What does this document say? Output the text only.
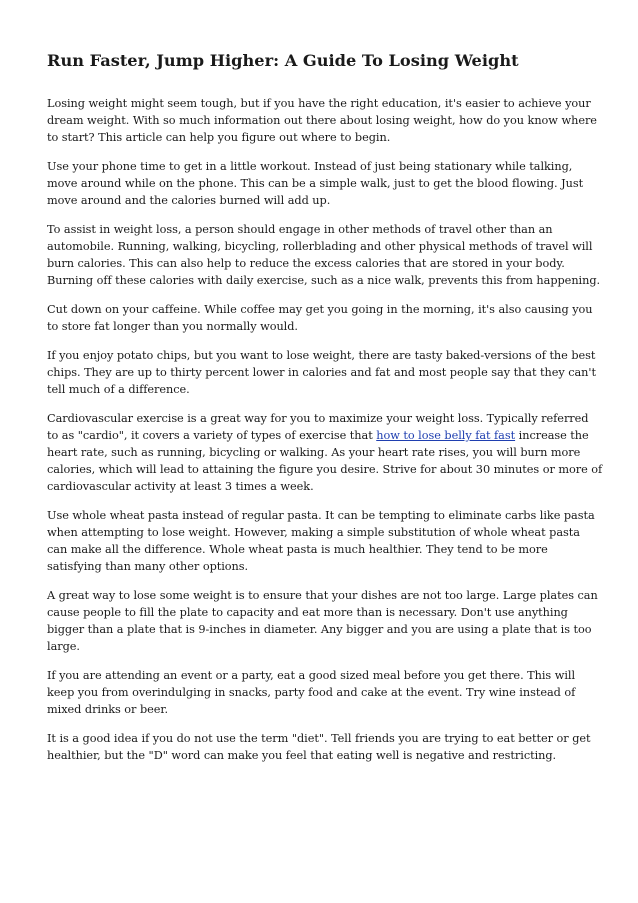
Run Faster, Jump Higher: A Guide To Losing Weight

Losing weight might seem tough, but if you have the right education, it's easier to achieve your dream weight. With so much information out there about losing weight, how do you know where to start? This article can help you figure out where to begin.

Use your phone time to get in a little workout. Instead of just being stationary while talking, move around while on the phone. This can be a simple walk, just to get the blood flowing. Just move around and the calories burned will add up.

To assist in weight loss, a person should engage in other methods of travel other than an automobile. Running, walking, bicycling, rollerblading and other physical methods of travel will burn calories. This can also help to reduce the excess calories that are stored in your body. Burning off these calories with daily exercise, such as a nice walk, prevents this from happening.

Cut down on your caffeine. While coffee may get you going in the morning, it's also causing you to store fat longer than you normally would.

If you enjoy potato chips, but you want to lose weight, there are tasty baked-versions of the best chips. They are up to thirty percent lower in calories and fat and most people say that they can't tell much of a difference.

Cardiovascular exercise is a great way for you to maximize your weight loss. Typically referred to as "cardio", it covers a variety of types of exercise that how to lose belly fat fast increase the heart rate, such as running, bicycling or walking. As your heart rate rises, you will burn more calories, which will lead to attaining the figure you desire. Strive for about 30 minutes or more of cardiovascular activity at least 3 times a week.

Use whole wheat pasta instead of regular pasta. It can be tempting to eliminate carbs like pasta when attempting to lose weight. However, making a simple substitution of whole wheat pasta can make all the difference. Whole wheat pasta is much healthier. They tend to be more satisfying than many other options.

A great way to lose some weight is to ensure that your dishes are not too large. Large plates can cause people to fill the plate to capacity and eat more than is necessary. Don't use anything bigger than a plate that is 9-inches in diameter. Any bigger and you are using a plate that is too large.

If you are attending an event or a party, eat a good sized meal before you get there. This will keep you from overindulging in snacks, party food and cake at the event. Try wine instead of mixed drinks or beer.

It is a good idea if you do not use the term "diet". Tell friends you are trying to eat better or get healthier, but the "D" word can make you feel that eating well is negative and restricting.
